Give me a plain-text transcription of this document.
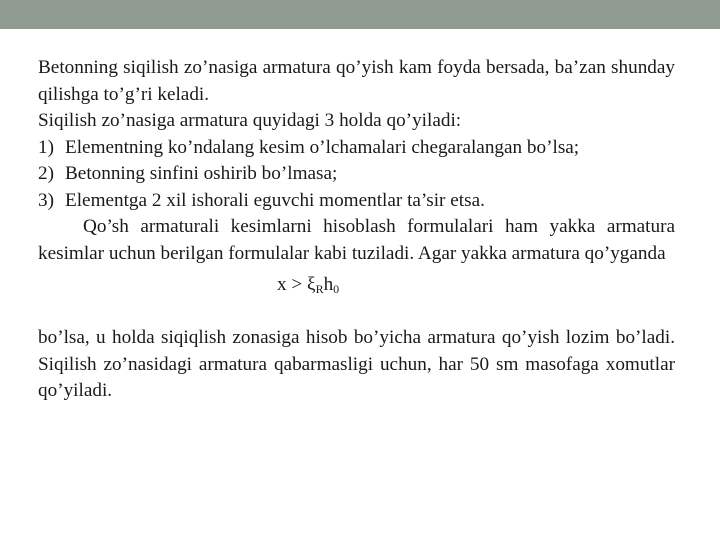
Betonning siqilish zo’nasiga armatura qo’yish kam foyda bersada, ba’zan shunday qilishga to’g’ri keladi.

Siqilish zo’nasiga armatura quyidagi 3 holda qo’yiladi:

1) Elementning ko’ndalang kesim o’lchamalari chegaralangan bo’lsa;
2) Betonning sinfini oshirib bo’lmasa;
3) Elementga 2 xil ishorali eguvchi momentlar ta’sir etsa.

Qo’sh armaturali kesimlarni hisoblash formulalari ham yakka armatura kesimlar uchun berilgan formulalar kabi tuziladi. Agar yakka armatura qo’yganda

$x > \xi_Rh_0$

bo’lsa, u holda siqiqlish zonasiga hisob bo’yicha armatura qo’yish lozim bo’ladi. Siqilish zo’nasidagi armatura qabarmasligi uchun, har 50 sm masofaga xomutlar qo’yiladi.
